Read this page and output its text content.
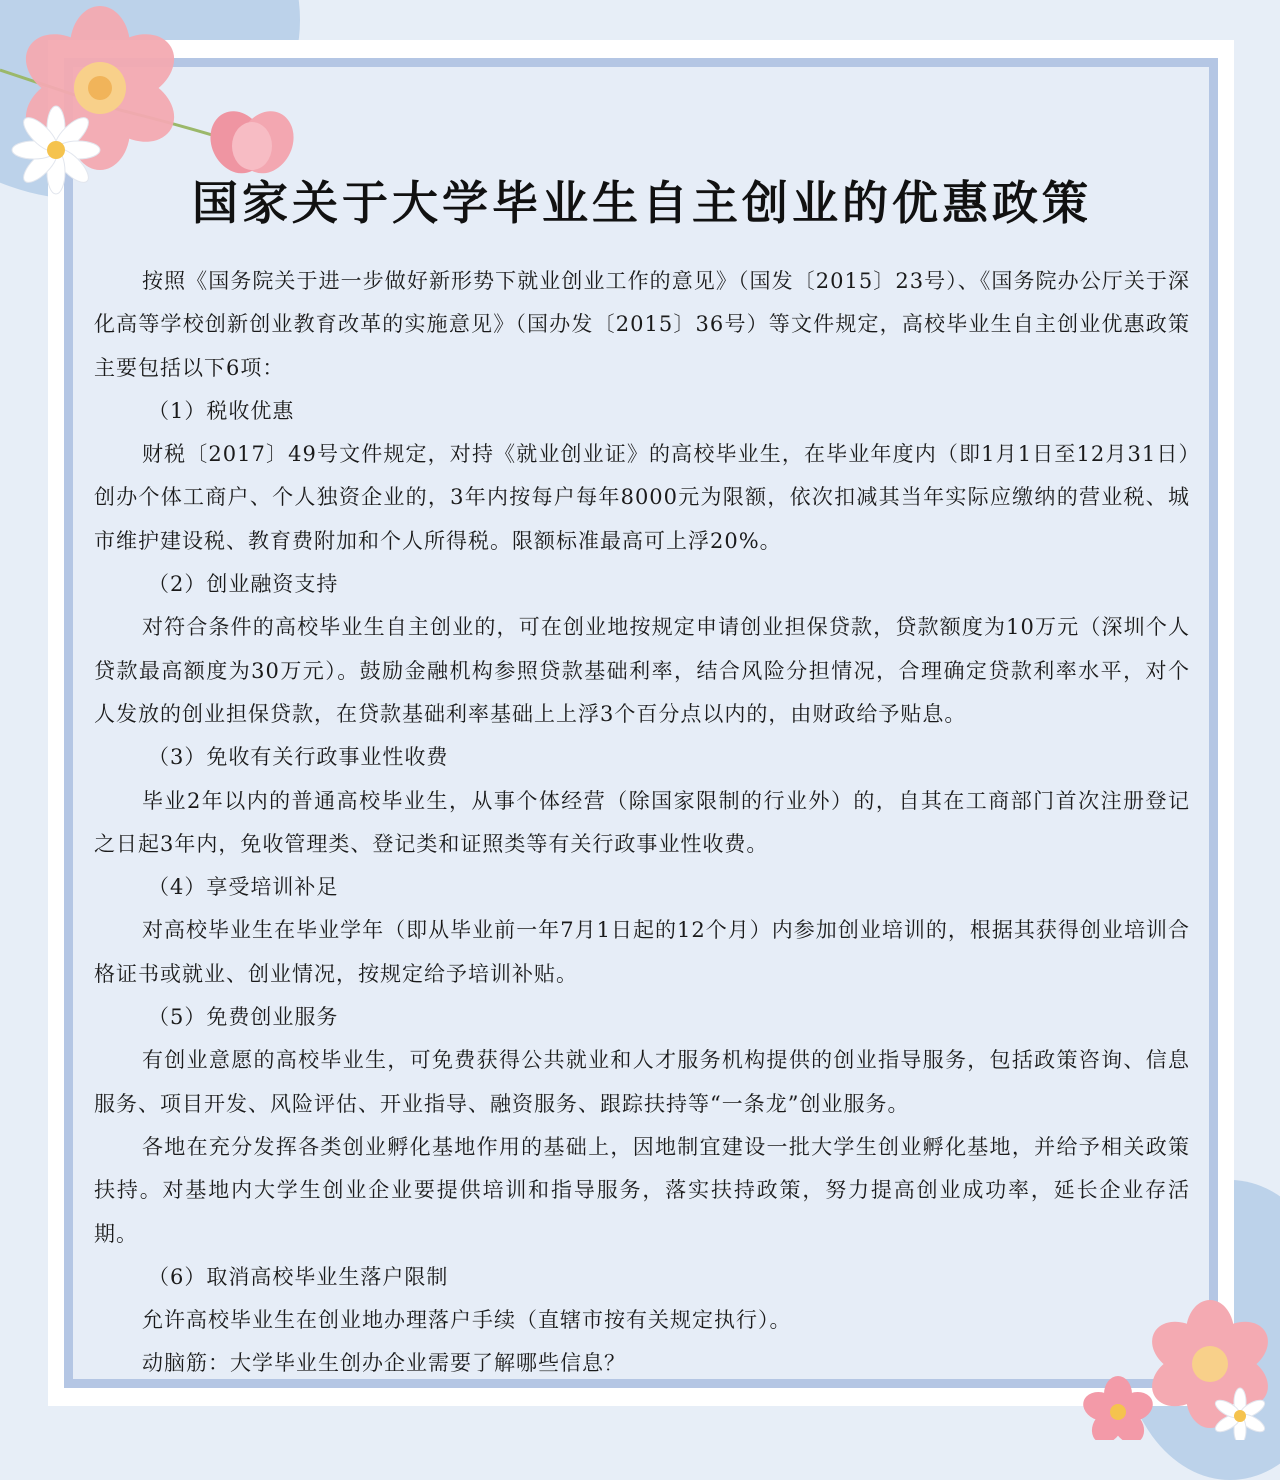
国家关于大学毕业生自主创业的优惠政策

按照《国务院关于进一步做好新形势下就业创业工作的意见》（国发〔2015〕23号）、《国务院办公厅关于深化高等学校创新创业教育改革的实施意见》（国办发〔2015〕36号）等文件规定，高校毕业生自主创业优惠政策主要包括以下6项：

（1）税收优惠

财税〔2017〕49号文件规定，对持《就业创业证》的高校毕业生，在毕业年度内（即1月1日至12月31日）创办个体工商户、个人独资企业的，3年内按每户每年8000元为限额，依次扣减其当年实际应缴纳的营业税、城市维护建设税、教育费附加和个人所得税。限额标准最高可上浮20%。

（2）创业融资支持

对符合条件的高校毕业生自主创业的，可在创业地按规定申请创业担保贷款，贷款额度为10万元（深圳个人贷款最高额度为30万元）。鼓励金融机构参照贷款基础利率，结合风险分担情况，合理确定贷款利率水平，对个人发放的创业担保贷款，在贷款基础利率基础上上浮3个百分点以内的，由财政给予贴息。

（3）免收有关行政事业性收费

毕业2年以内的普通高校毕业生，从事个体经营（除国家限制的行业外）的，自其在工商部门首次注册登记之日起3年内，免收管理类、登记类和证照类等有关行政事业性收费。

（4）享受培训补足

对高校毕业生在毕业学年（即从毕业前一年7月1日起的12个月）内参加创业培训的，根据其获得创业培训合格证书或就业、创业情况，按规定给予培训补贴。

（5）免费创业服务

有创业意愿的高校毕业生，可免费获得公共就业和人才服务机构提供的创业指导服务，包括政策咨询、信息服务、项目开发、风险评估、开业指导、融资服务、跟踪扶持等“一条龙”创业服务。

各地在充分发挥各类创业孵化基地作用的基础上，因地制宜建设一批大学生创业孵化基地，并给予相关政策扶持。对基地内大学生创业企业要提供培训和指导服务，落实扶持政策，努力提高创业成功率，延长企业存活期。

（6）取消高校毕业生落户限制

允许高校毕业生在创业地办理落户手续（直辖市按有关规定执行）。

动脑筋：大学毕业生创办企业需要了解哪些信息？
